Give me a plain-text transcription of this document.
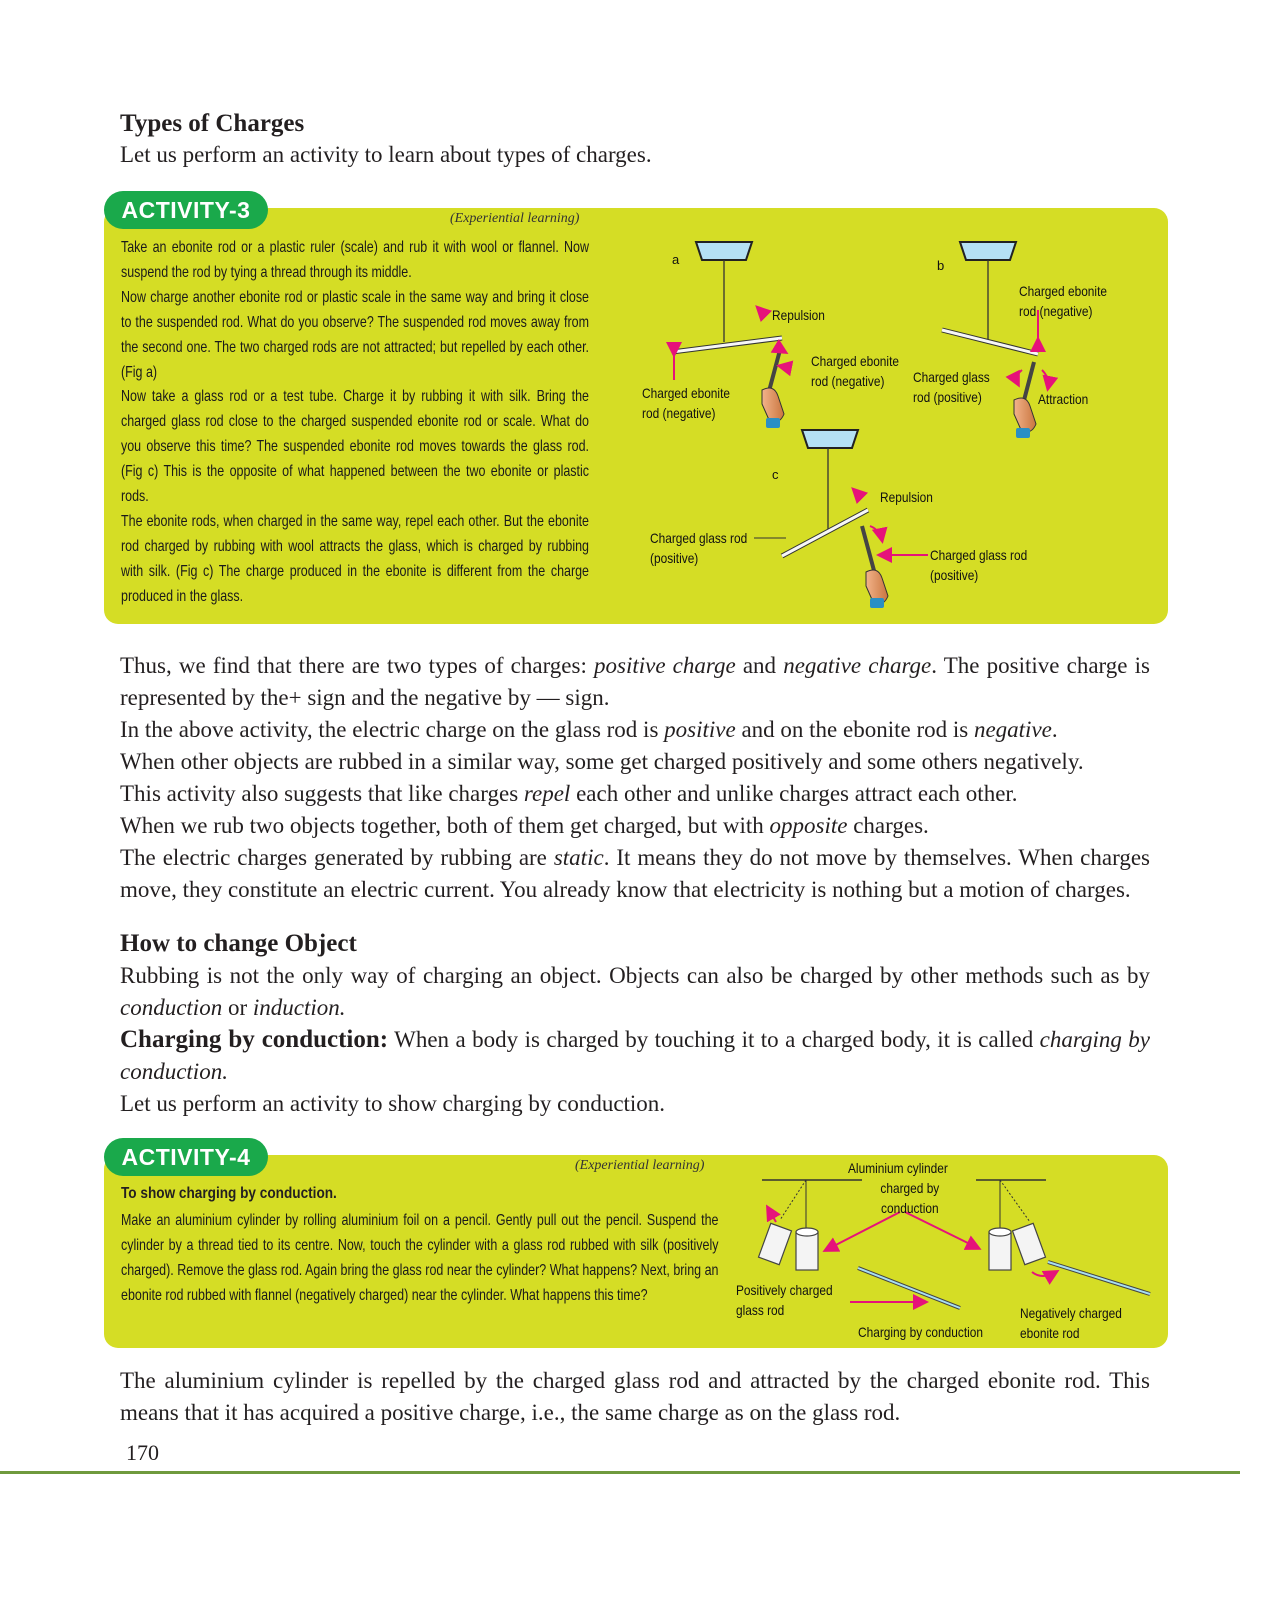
Types of Charges
Let us perform an activity to learn about types of charges.
ACTIVITY-3	(Experiential learning)

Take an ebonite rod or a plastic ruler (scale) and rub it with wool or flannel. Now suspend the rod by tying a thread through its middle.

Now charge another ebonite rod or plastic scale in the same way and bring it close to the suspended rod. What do you observe? The suspended rod moves away from the second one. The two charged rods are not attracted; but repelled by each other. (Fig a)

Now take a glass rod or a test tube. Charge it by rubbing it with silk. Bring the charged glass rod close to the charged suspended ebonite rod or scale. What do you observe this time? The suspended ebonite rod moves towards the glass rod. (Fig c) This is the opposite of what happened between the two ebonite or plastic rods.

The ebonite rods, when charged in the same way, repel each other. But the ebonite rod charged by rubbing with wool attracts the glass, which is charged by rubbing with silk. (Fig c) The charge produced in the ebonite is different from the charge produced in the glass.

a	b
c
Repulsion
Charged ebonite
rod (negative)
Charged ebonite
rod (negative)
Charged ebonite
rod (negative)
Charged glass
rod (positive)	Attraction
Repulsion
Charged glass rod
(positive)	Charged glass rod
(positive)

Thus, we find that there are two types of charges: positive charge and negative charge. The positive charge is represented by the+ sign and the negative by — sign.

In the above activity, the electric charge on the glass rod is positive and on the ebonite rod is negative.

When other objects are rubbed in a similar way, some get charged positively and some others negatively.

This activity also suggests that like charges repel each other and unlike charges attract each other.

When we rub two objects together, both of them get charged, but with opposite charges.

The electric charges generated by rubbing are static. It means they do not move by themselves. When charges move, they constitute an electric current. You already know that electricity is nothing but a motion of charges.

How to change Object

Rubbing is not the only way of charging an object. Objects can also be charged by other methods such as by conduction or induction.

Charging by conduction: When a body is charged by touching it to a charged body, it is called charging by conduction.

Let us perform an activity to show charging by conduction.

ACTIVITY-4	(Experiential learning)
To show charging by conduction.
Make an aluminium cylinder by rolling aluminium foil on a pencil. Gently pull out the pencil. Suspend the cylinder by a thread tied to its centre. Now, touch the cylinder with a glass rod rubbed with silk (positively charged). Remove the glass rod. Again bring the glass rod near the cylinder? What happens? Next, bring an ebonite rod rubbed with flannel (negatively charged) near the cylinder. What happens this time?
Aluminium cylinder
charged by
conduction
Positively charged
glass rod
Charging by conduction
Negatively charged
ebonite rod
The aluminium cylinder is repelled by the charged glass rod and attracted by the charged ebonite rod. This means that it has acquired a positive charge, i.e., the same charge as on the glass rod.
170
